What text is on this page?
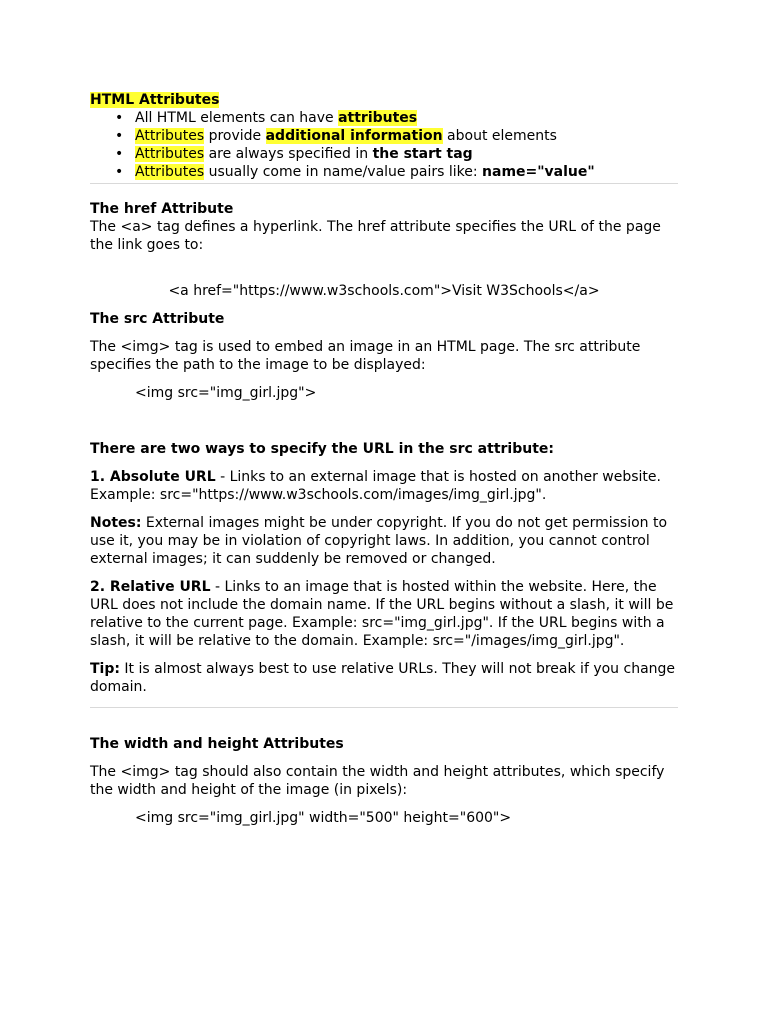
HTML Attributes
• All HTML elements can have attributes
• Attributes provide additional information about elements
• Attributes are always specified in the start tag
• Attributes usually come in name/value pairs like: name="value"

The href Attribute

The <a> tag defines a hyperlink. The href attribute specifies the URL of the page the link goes to:

<a href="https://www.w3schools.com">Visit W3Schools</a>

The src Attribute

The <img> tag is used to embed an image in an HTML page. The src attribute specifies the path to the image to be displayed:

<img src="img_girl.jpg">

There are two ways to specify the URL in the src attribute:

1. Absolute URL - Links to an external image that is hosted on another website. Example: src="https://www.w3schools.com/images/img_girl.jpg".

Notes: External images might be under copyright. If you do not get permission to use it, you may be in violation of copyright laws. In addition, you cannot control external images; it can suddenly be removed or changed.

2. Relative URL - Links to an image that is hosted within the website. Here, the URL does not include the domain name. If the URL begins without a slash, it will be relative to the current page. Example: src="img_girl.jpg". If the URL begins with a slash, it will be relative to the domain. Example: src="/images/img_girl.jpg".

Tip: It is almost always best to use relative URLs. They will not break if you change domain.

The width and height Attributes

The <img> tag should also contain the width and height attributes, which specify the width and height of the image (in pixels):

<img src="img_girl.jpg" width="500" height="600">
